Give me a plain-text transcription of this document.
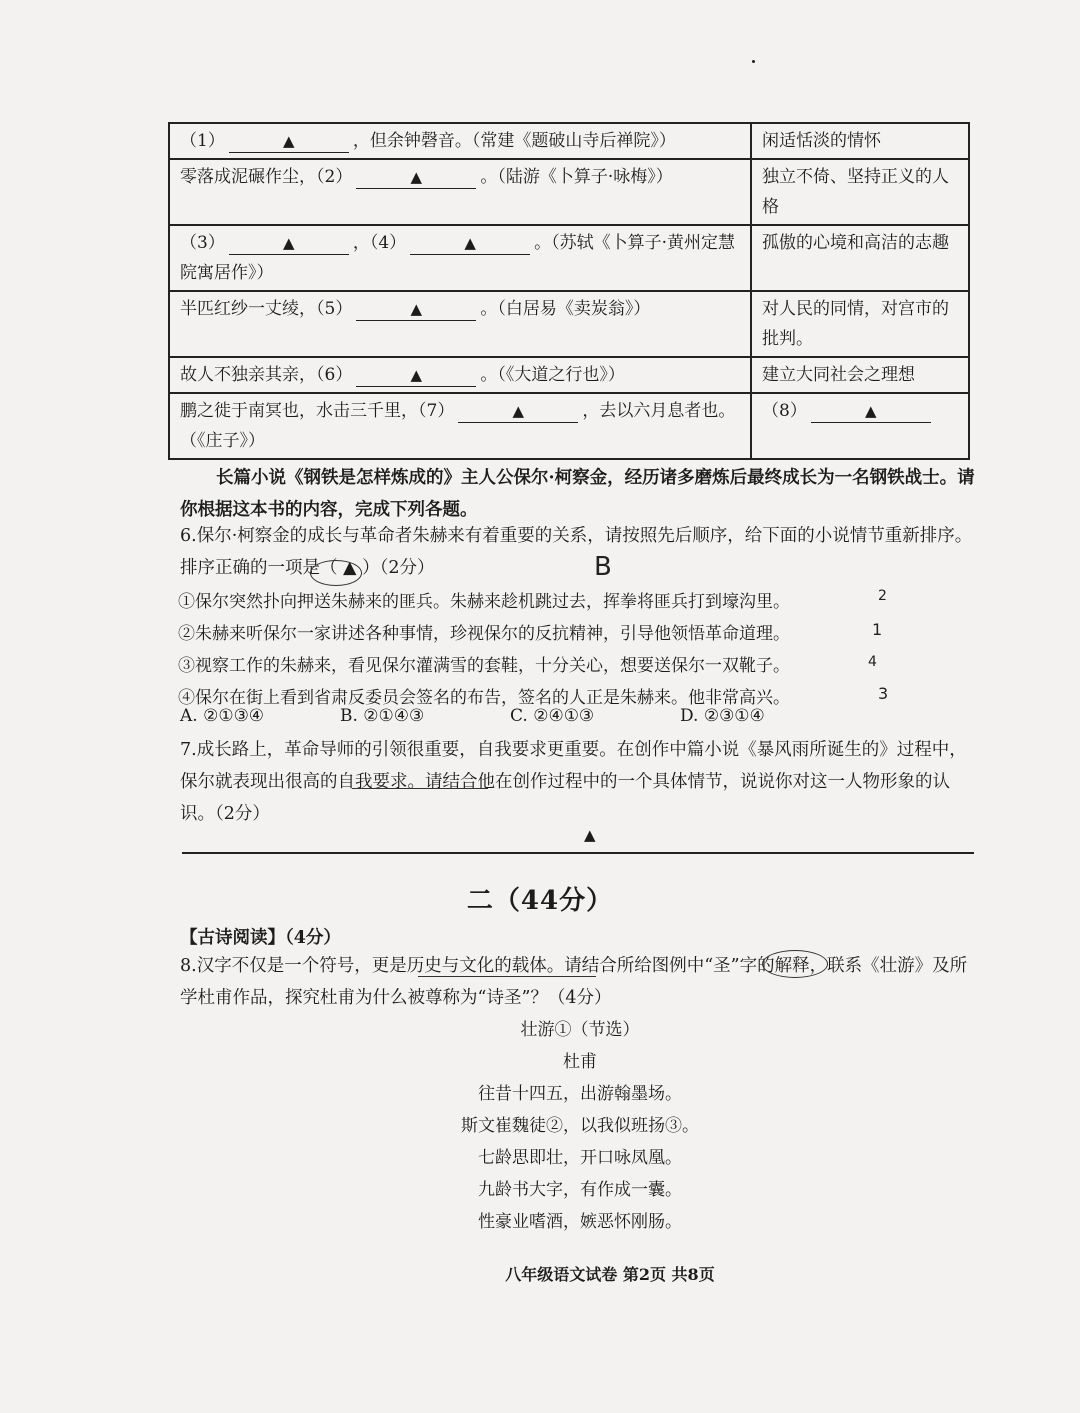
（1） ▲ ，但余钟磬音。（常建《题破山寺后禅院》）	闲适恬淡的情怀
零落成泥碾作尘，（2） ▲ 。（陆游《卜算子·咏梅》）	独立不倚、坚持正义的人格
（3） ▲ ，（4） ▲ 。（苏轼《卜算子·黄州定慧院寓居作》）	孤傲的心境和高洁的志趣
半匹红纱一丈绫，（5） ▲ 。（白居易《卖炭翁》）	对人民的同情，对宫市的批判。
故人不独亲其亲，（6） ▲ 。（《大道之行也》）	建立大同社会之理想
鹏之徙于南冥也，水击三千里，（7） ▲ ，去以六月息者也。（《庄子》）	（8） ▲
长篇小说《钢铁是怎样炼成的》主人公保尔·柯察金，经历诸多磨炼后最终成长为一名钢铁战士。请你根据这本书的内容，完成下列各题。
6.保尔·柯察金的成长与革命者朱赫来有着重要的关系，请按照先后顺序，给下面的小说情节重新排序。排序正确的一项是（ ▲ ）（2分）
①保尔突然扑向押送朱赫来的匪兵。朱赫来趁机跳过去，挥拳将匪兵打到壕沟里。
②朱赫来听保尔一家讲述各种事情，珍视保尔的反抗精神，引导他领悟革命道理。
③视察工作的朱赫来，看见保尔灌满雪的套鞋，十分关心，想要送保尔一双靴子。
④保尔在街上看到省肃反委员会签名的布告，签名的人正是朱赫来。他非常高兴。
A. ②①③④	B. ②①④③	C. ②④①③	D. ②③①④
B
2
1
4
3
7.成长路上，革命导师的引领很重要，自我要求更重要。在创作中篇小说《暴风雨所诞生的》过程中，保尔就表现出很高的自我要求。请结合他在创作过程中的一个具体情节，说说你对这一人物形象的认识。（2分）
▲
二（44分）
【古诗阅读】（4分）
8.汉字不仅是一个符号，更是历史与文化的载体。请结合所给图例中“圣”字的解释，联系《壮游》及所学杜甫作品，探究杜甫为什么被尊称为“诗圣”？（4分）
壮游①（节选）
杜甫
往昔十四五，出游翰墨场。
斯文崔魏徒②，以我似班扬③。
七龄思即壮，开口咏凤凰。
九龄书大字，有作成一囊。
性豪业嗜酒，嫉恶怀刚肠。
八年级语文试卷 第2页 共8页
